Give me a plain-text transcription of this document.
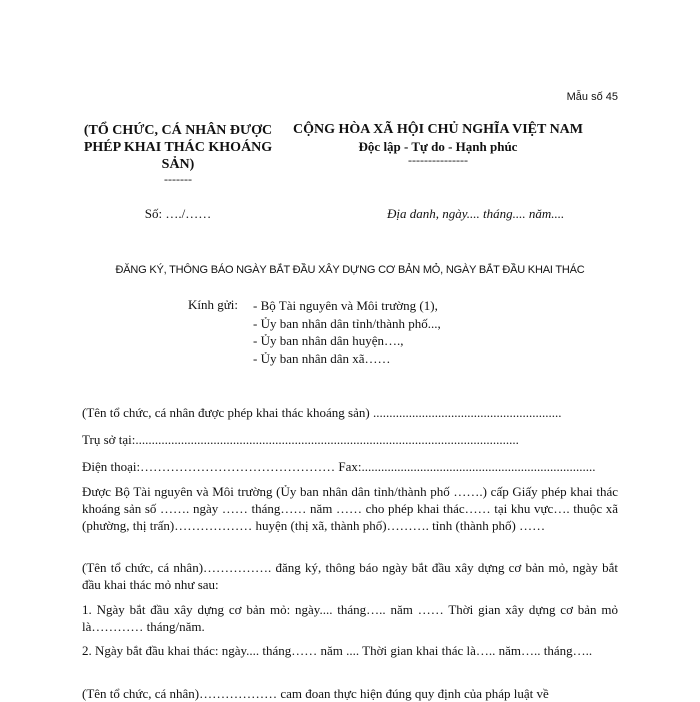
Mẫu số 45
(TỔ CHỨC, CÁ NHÂN ĐƯỢC PHÉP KHAI THÁC KHOÁNG SẢN)
-------
CỘNG HÒA XÃ HỘI CHỦ NGHĨA VIỆT NAM
Độc lập - Tự do - Hạnh phúc
---------------
Số: …./……	Địa danh, ngày.... tháng.... năm....
ĐĂNG KÝ, THÔNG BÁO NGÀY BẮT ĐẦU XÂY DỰNG CƠ BẢN MỎ, NGÀY BẮT ĐẦU KHAI THÁC
Kính gửi: - Bộ Tài nguyên và Môi trường (1),
- Ủy ban nhân dân tỉnh/thành phố...,
- Ủy ban nhân dân huyện….,
- Ủy ban nhân dân xã……
(Tên tổ chức, cá nhân được phép khai thác khoáng sản) ..........................................................
Trụ sở tại:......................................................................................................................
Điện thoại:……………………………………… Fax:........................................................................
Được Bộ Tài nguyên và Môi trường (Ủy ban nhân dân tỉnh/thành phố …….) cấp Giấy phép khai thác khoáng sản số ……. ngày …… tháng…… năm …… cho phép khai thác…… tại khu vực…. thuộc xã (phường, thị trấn)……………… huyện (thị xã, thành phố)………. tỉnh (thành phố) ……
(Tên tổ chức, cá nhân)……………. đăng ký, thông báo ngày bắt đầu xây dựng cơ bản mỏ, ngày bắt đầu khai thác mỏ như sau:
1. Ngày bắt đầu xây dựng cơ bản mỏ: ngày.... tháng….. năm …… Thời gian xây dựng cơ bản mỏ là………… tháng/năm.
2. Ngày bắt đầu khai thác: ngày.... tháng…… năm .... Thời gian khai thác là….. năm….. tháng…..
(Tên tổ chức, cá nhân)……………… cam đoan thực hiện đúng quy định của pháp luật về
